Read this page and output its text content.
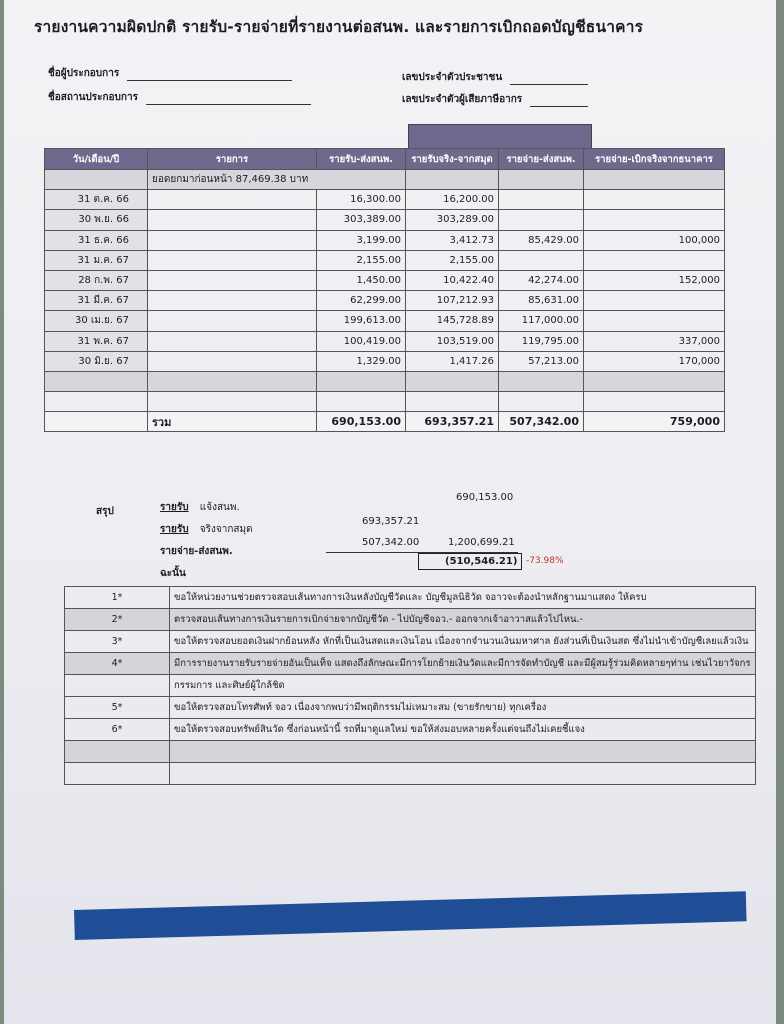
รายงานความผิดปกติ รายรับ-รายจ่ายที่รายงานต่อสนพ. และรายการเบิกถอดบัญชีธนาคาร
ชื่อผู้ประกอบการ
ชื่อสถานประกอบการ
เลขประจำตัวประชาชน
เลขประจำตัวผู้เสียภาษีอากร
วัน/เดือน/ปี	รายการ	รายรับ-ส่งสนพ.	รายรับจริง-จากสมุด	รายจ่าย-ส่งสนพ.	รายจ่าย-เบิกจริงจากธนาคาร
	ยอดยกมาก่อนหน้า 87,469.38 บาท				
31 ต.ค. 66		16,300.00	16,200.00		
30 พ.ย. 66		303,389.00	303,289.00		
31 ธ.ค. 66		3,199.00	3,412.73	85,429.00	100,000
31 ม.ค. 67		2,155.00	2,155.00		
28 ก.พ. 67		1,450.00	10,422.40	42,274.00	152,000
31 มี.ค. 67		62,299.00	107,212.93	85,631.00	
30 เม.ย. 67		199,613.00	145,728.89	117,000.00	
31 พ.ค. 67		100,419.00	103,519.00	119,795.00	337,000
30 มิ.ย. 67		1,329.00	1,417.26	57,213.00	170,000

	รวม	690,153.00	693,357.21	507,342.00	759,000
สรุป	รายรับ แจ้งสนพ.
690,153.00
รายรับ จริงจากสมุด
693,357.21
รายจ่าย-ส่งสนพ.
507,342.00	1,200,699.21
ฉะนั้น
(510,546.21) -73.98%
1*	ขอให้หน่วยงานช่วยตรวจสอบเส้นทางการเงินหลังบัญชีวัดและ บัญชีมูลนิธิวัด จอาวจะต้องนำหลักฐานมาแสดง ให้ครบ
2*	ตรวจสอบเส้นทางการเงินรายการเบิกจ่ายจากบัญชีวัด - ไปบัญชีจอว.- ออกจากเจ้าอาวาสแล้วไปไหน.-
3*	ขอให้ตรวจสอบยอดเงินฝากย้อนหลัง หักที่เป็นเงินสดและเงินโอน เนื่องจากจำนวนเงินมหาศาล ยังส่วนที่เป็นเงินสด ซึ่งไม่นำเข้าบัญชีเลยแล้วเงิน
4*	มีการรายงานรายรับรายจ่ายอันเป็นเท็จ แสดงถึงลักษณะมีการโยกย้ายเงินวัดและมีการจัดทำบัญชี และมีผู้สมรู้ร่วมคิดหลายๆท่าน เช่นไวยาวัจกร
	กรรมการ และศิษย์ผู้ใกล้ชิด
5*	ขอให้ตรวจสอบโทรศัพท์ จอว เนื่องจากพบว่ามีพฤติกรรมไม่เหมาะสม (ขายรักขาย) ทุกเครื่อง
6*	ขอให้ตรวจสอบทรัพย์สินวัด ซึ่งก่อนหน้านี้ รถที่มาดูแลใหม่ ขอให้ส่งมอบหลายครั้งแต่จนถึงไม่เคยชี้แจง
